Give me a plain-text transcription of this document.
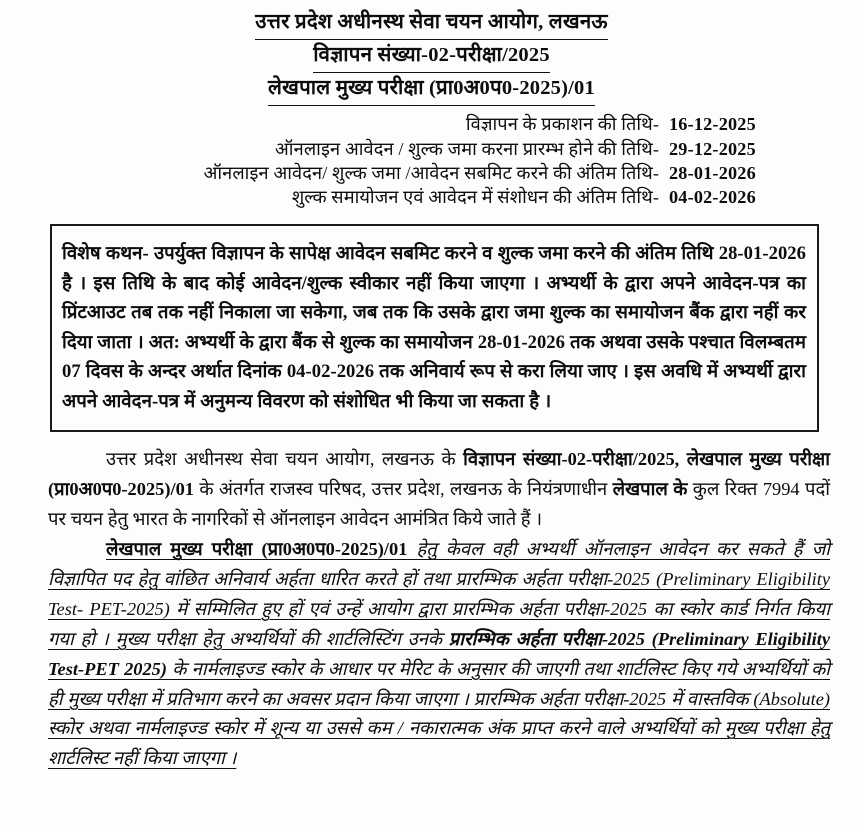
उत्तर प्रदेश अधीनस्थ सेवा चयन आयोग, लखनऊ
विज्ञापन संख्या-02-परीक्षा/2025
लेखपाल मुख्य परीक्षा (प्रा0अ0प0-2025)/01
विज्ञापन के प्रकाशन की तिथि- 16-12-2025
ऑनलाइन आवेदन / शुल्क जमा करना प्रारम्भ होने की तिथि- 29-12-2025
ऑनलाइन आवेदन/ शुल्क जमा /आवेदन सबमिट करने की अंतिम तिथि- 28-01-2026
शुल्क समायोजन एवं आवेदन में संशोधन की अंतिम तिथि- 04-02-2026
विशेष कथन- उपर्युक्त विज्ञापन के सापेक्ष आवेदन सबमिट करने व शुल्क जमा करने की अंतिम तिथि 28-01-2026 है । इस तिथि के बाद कोई आवेदन/शुल्क स्वीकार नहीं किया जाएगा । अभ्यर्थी के द्वारा अपने आवेदन-पत्र का प्रिंटआउट तब तक नहीं निकाला जा सकेगा, जब तक कि उसके द्वारा जमा शुल्क का समायोजन बैंक द्वारा नहीं कर दिया जाता । अत: अभ्यर्थी के द्वारा बैंक से शुल्क का समायोजन 28-01-2026 तक अथवा उसके पश्चात विलम्बतम 07 दिवस के अन्दर अर्थात दिनांक 04-02-2026 तक अनिवार्य रूप से करा लिया जाए । इस अवधि में अभ्यर्थी द्वारा अपने आवेदन-पत्र में अनुमन्य विवरण को संशोधित भी किया जा सकता है ।

उत्तर प्रदेश अधीनस्थ सेवा चयन आयोग, लखनऊ के विज्ञापन संख्या-02-परीक्षा/2025, लेखपाल मुख्य परीक्षा (प्रा0अ0प0-2025)/01 के अंतर्गत राजस्व परिषद, उत्तर प्रदेश, लखनऊ के नियंत्रणाधीन लेखपाल के कुल रिक्त 7994 पदों पर चयन हेतु भारत के नागरिकों से ऑनलाइन आवेदन आमंत्रित किये जाते हैं ।

लेखपाल मुख्य परीक्षा (प्रा0अ0प0-2025)/01 हेतु केवल वही अभ्यर्थी ऑनलाइन आवेदन कर सकते हैं जो विज्ञापित पद हेतु वांछित अनिवार्य अर्हता धारित करते हों तथा प्रारम्भिक अर्हता परीक्षा-2025 (Preliminary Eligibility Test- PET-2025) में सम्मिलित हुए हों एवं उन्हें आयोग द्वारा प्रारम्भिक अर्हता परीक्षा-2025 का स्कोर कार्ड निर्गत किया गया हो । मुख्य परीक्षा हेतु अभ्यर्थियों की शार्टलिस्टिंग उनके प्रारम्भिक अर्हता परीक्षा-2025 (Preliminary Eligibility Test-PET 2025) के नार्मलाइज्ड स्कोर के आधार पर मेरिट के अनुसार की जाएगी तथा शार्टलिस्ट किए गये अभ्यर्थियों को ही मुख्य परीक्षा में प्रतिभाग करने का अवसर प्रदान किया जाएगा । प्रारम्भिक अर्हता परीक्षा-2025 में वास्तविक (Absolute) स्कोर अथवा नार्मलाइज्ड स्कोर में शून्य या उससे कम / नकारात्मक अंक प्राप्त करने वाले अभ्यर्थियों को मुख्य परीक्षा हेतु शार्टलिस्ट नहीं किया जाएगा ।
